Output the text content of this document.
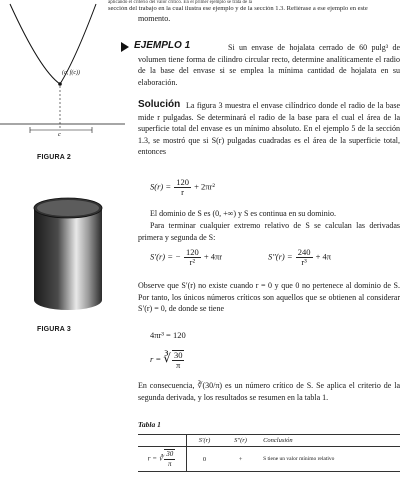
aplicando el criterio del valor crítico. En el primer ejemplo se trata de la
sección del trabajo en la cual ilustra ese ejemplo y de la sección 1.3. Refiérase a ese ejemplo en este
momento.
(c, f(c))
c
FIGURA 2
FIGURA 3
EJEMPLO 1	Si un envase de hojalata cerrado de 60 pulg³ de volumen tiene forma de cilindro circular recto, determine analíticamente el radio de la base del envase si se emplea la mínima cantidad de hojalata en su elaboración.
Solución La figura 3 muestra el envase cilíndrico donde el radio de la base mide r pulgadas. Se determinará el radio de la base para el cual el área de la superficie total del envase es un mínimo absoluto. En el ejemplo 5 de la sección 1.3, se mostró que si S(r) pulgadas cuadradas es el área de la superficie total, entonces
$S(r) = \frac{120}{r} + 2\pi r^2$
El dominio de S es (0, +∞) y S es continua en su dominio.
Para terminar cualquier extremo relativo de S se calculan las derivadas primera y segunda de S:
S′(r) = − $\frac{120}{\text{r²}} + 4\pi r$	$S''(r) = \frac{240}{\text{r³}} + 4\pi$
Observe que S′(r) no existe cuando r = 0 y que 0 no pertenece al dominio de S. Por tanto, los únicos números críticos son aquellos que se obtienen al considerar S′(r) = 0, de donde se tiene
4πr³ = 120
r = ∛ $\frac{30}{\pi}$
En consecuencia, ∛(30/π) es un número crítico de S. Se aplica el criterio de la segunda derivada, y los resultados se resumen en la tabla 1.
Tabla 1
	S′(r)	S″(r)	Conclusión
r = ∛ $\frac{30}{\pi}$	0	+	S tiene un valor mínimo relativo
